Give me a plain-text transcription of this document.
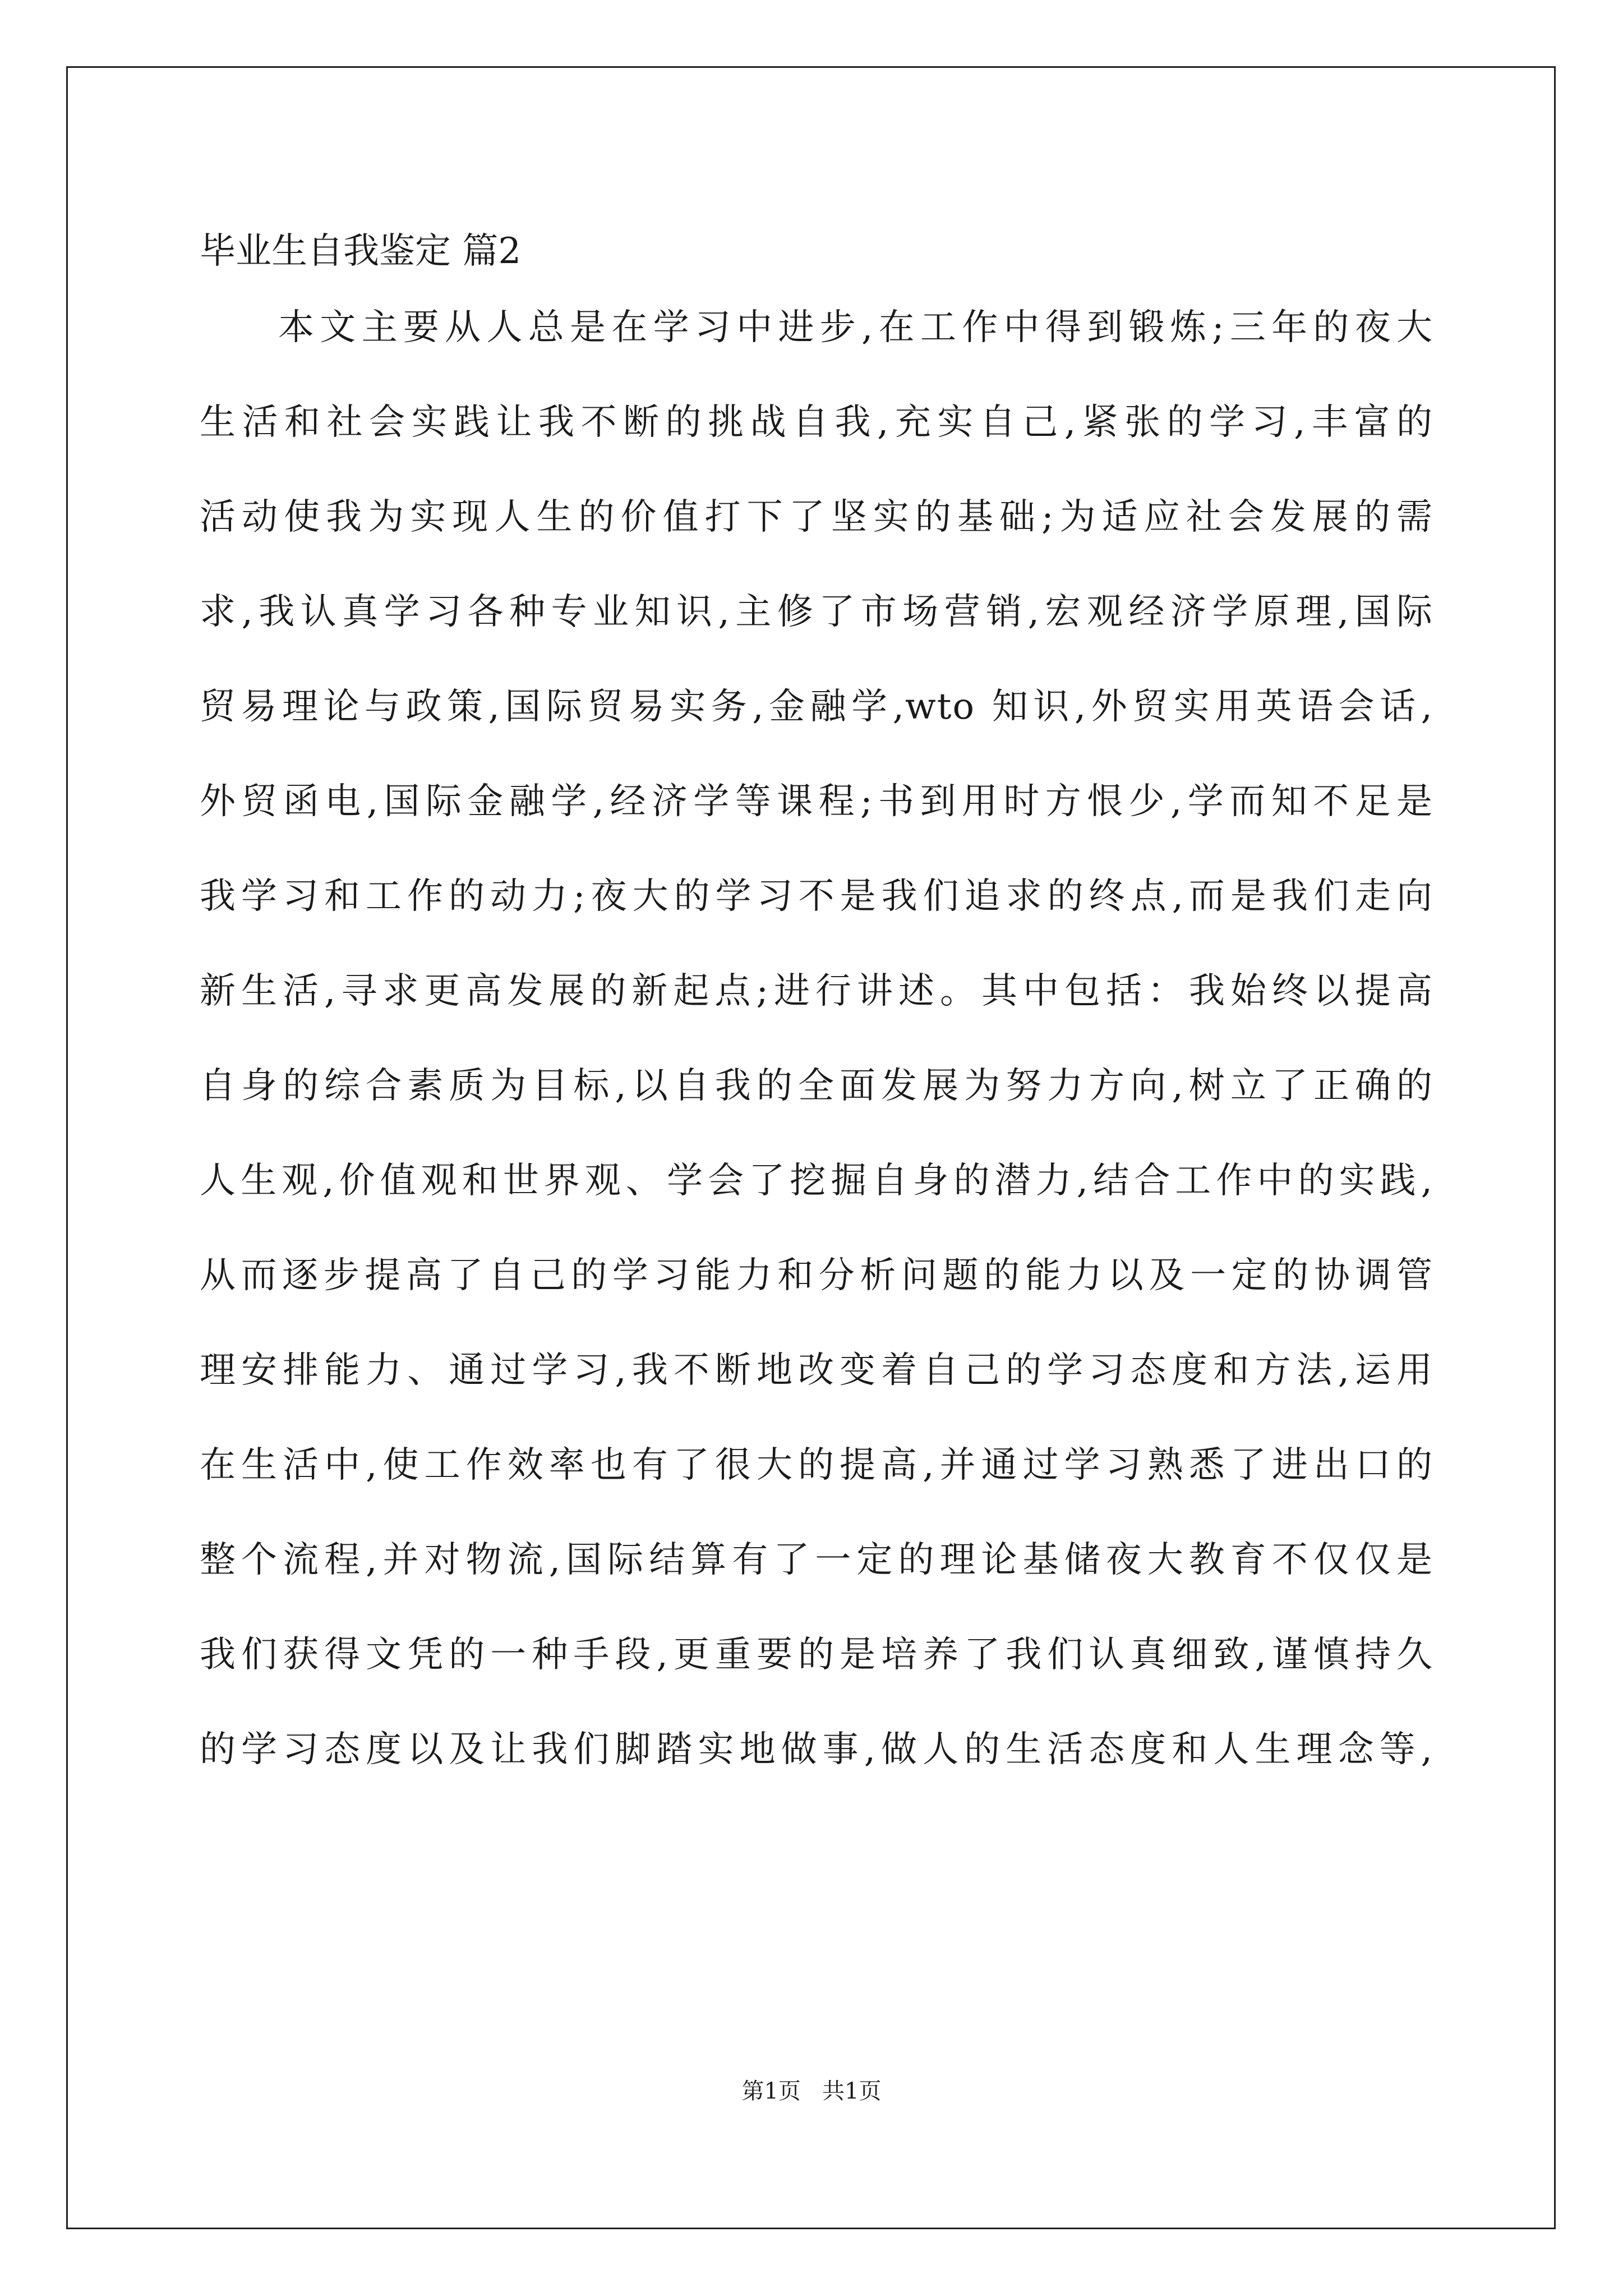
毕业生自我鉴定 篇2
本文主要从人总是在学习中进步,在工作中得到锻炼;三年的夜大
生活和社会实践让我不断的挑战自我,充实自己,紧张的学习,丰富的
活动使我为实现人生的价值打下了坚实的基础;为适应社会发展的需
求,我认真学习各种专业知识,主修了市场营销,宏观经济学原理,国际
贸易理论与政策,国际贸易实务,金融学,wto 知识,外贸实用英语会话,
外贸函电,国际金融学,经济学等课程;书到用时方恨少,学而知不足是
我学习和工作的动力;夜大的学习不是我们追求的终点,而是我们走向
新生活,寻求更高发展的新起点;进行讲述。其中包括：我始终以提高
自身的综合素质为目标,以自我的全面发展为努力方向,树立了正确的
人生观,价值观和世界观、学会了挖掘自身的潜力,结合工作中的实践,
从而逐步提高了自己的学习能力和分析问题的能力以及一定的协调管
理安排能力、通过学习,我不断地改变着自己的学习态度和方法,运用
在生活中,使工作效率也有了很大的提高,并通过学习熟悉了进出口的
整个流程,并对物流,国际结算有了一定的理论基储夜大教育不仅仅是
我们获得文凭的一种手段,更重要的是培养了我们认真细致,谨慎持久
的学习态度以及让我们脚踏实地做事,做人的生活态度和人生理念等,
第1页   共1页
